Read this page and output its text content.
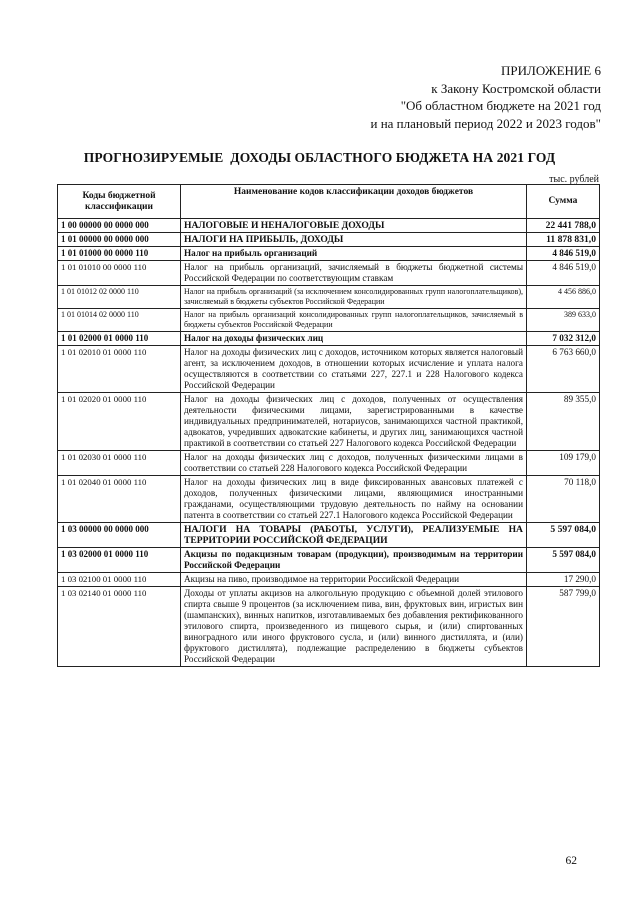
ПРИЛОЖЕНИЕ 6
к Закону Костромской области
"Об областном бюджете на 2021 год
и на плановый период 2022 и 2023 годов"
ПРОГНОЗИРУЕМЫЕ  ДОХОДЫ ОБЛАСТНОГО БЮДЖЕТА НА 2021 ГОД
тыс. рублей
Коды бюджетной классификации	Наименование кодов классификации доходов бюджетов	Сумма
1 00 00000 00 0000 000	НАЛОГОВЫЕ И НЕНАЛОГОВЫЕ ДОХОДЫ	22 441 788,0
1 01 00000 00 0000 000	НАЛОГИ НА ПРИБЫЛЬ, ДОХОДЫ	11 878 831,0
1 01 01000 00 0000 110	Налог на прибыль организаций	4 846 519,0
1 01 01010 00 0000 110	Налог на прибыль организаций, зачисляемый в бюджеты бюджетной системы Российской Федерации по соответствующим ставкам	4 846 519,0
1 01 01012 02 0000 110	Налог на прибыль организаций (за исключением консолидированных групп налогоплательщиков), зачисляемый в бюджеты субъектов Российской Федерации	4 456 886,0
1 01 01014 02 0000 110	Налог на прибыль организаций консолидированных групп налогоплательщиков, зачисляемый в бюджеты субъектов Российской Федерации	389 633,0
1 01 02000 01 0000 110	Налог на доходы физических лиц	7 032 312,0
1 01 02010 01 0000 110	Налог на доходы физических лиц с доходов, источником которых является налоговый агент, за исключением доходов, в отношении которых исчисление и уплата налога осуществляются в соответствии со статьями 227, 227.1 и 228 Налогового кодекса Российской Федерации	6 763 660,0
1 01 02020 01 0000 110	Налог на доходы физических лиц с доходов, полученных от осуществления деятельности физическими лицами, зарегистрированными в качестве индивидуальных предпринимателей, нотариусов, занимающихся частной практикой, адвокатов, учредивших адвокатские кабинеты, и других лиц, занимающихся частной практикой в соответствии со статьей 227 Налогового кодекса Российской Федерации	89 355,0
1 01 02030 01 0000 110	Налог на доходы физических лиц с доходов, полученных физическими лицами в соответствии со статьей 228 Налогового кодекса Российской Федерации	109 179,0
1 01 02040 01 0000 110	Налог на доходы физических лиц в виде фиксированных авансовых платежей с доходов, полученных физическими лицами, являющимися иностранными гражданами, осуществляющими трудовую деятельность по найму на основании патента в соответствии со статьей 227.1 Налогового кодекса Российской Федерации	70 118,0
1 03 00000 00 0000 000	НАЛОГИ НА ТОВАРЫ (РАБОТЫ, УСЛУГИ), РЕАЛИЗУЕМЫЕ НА ТЕРРИТОРИИ РОССИЙСКОЙ ФЕДЕРАЦИИ	5 597 084,0
1 03 02000 01 0000 110	Акцизы по подакцизным товарам (продукции), производимым на территории Российской Федерации	5 597 084,0
1 03 02100 01 0000 110	Акцизы на пиво, производимое на территории Российской Федерации	17 290,0
1 03 02140 01 0000 110	Доходы от уплаты акцизов на алкогольную продукцию с объемной долей этилового спирта свыше 9 процентов (за исключением пива, вин, фруктовых вин, игристых вин (шампанских), винных напитков, изготавливаемых без добавления ректификованного этилового спирта, произведенного из пищевого сырья, и (или) спиртованных виноградного или иного фруктового сусла, и (или) винного дистиллята, и (или) фруктового дистиллята), подлежащие распределению в бюджеты субъектов Российской Федерации	587 799,0
62
